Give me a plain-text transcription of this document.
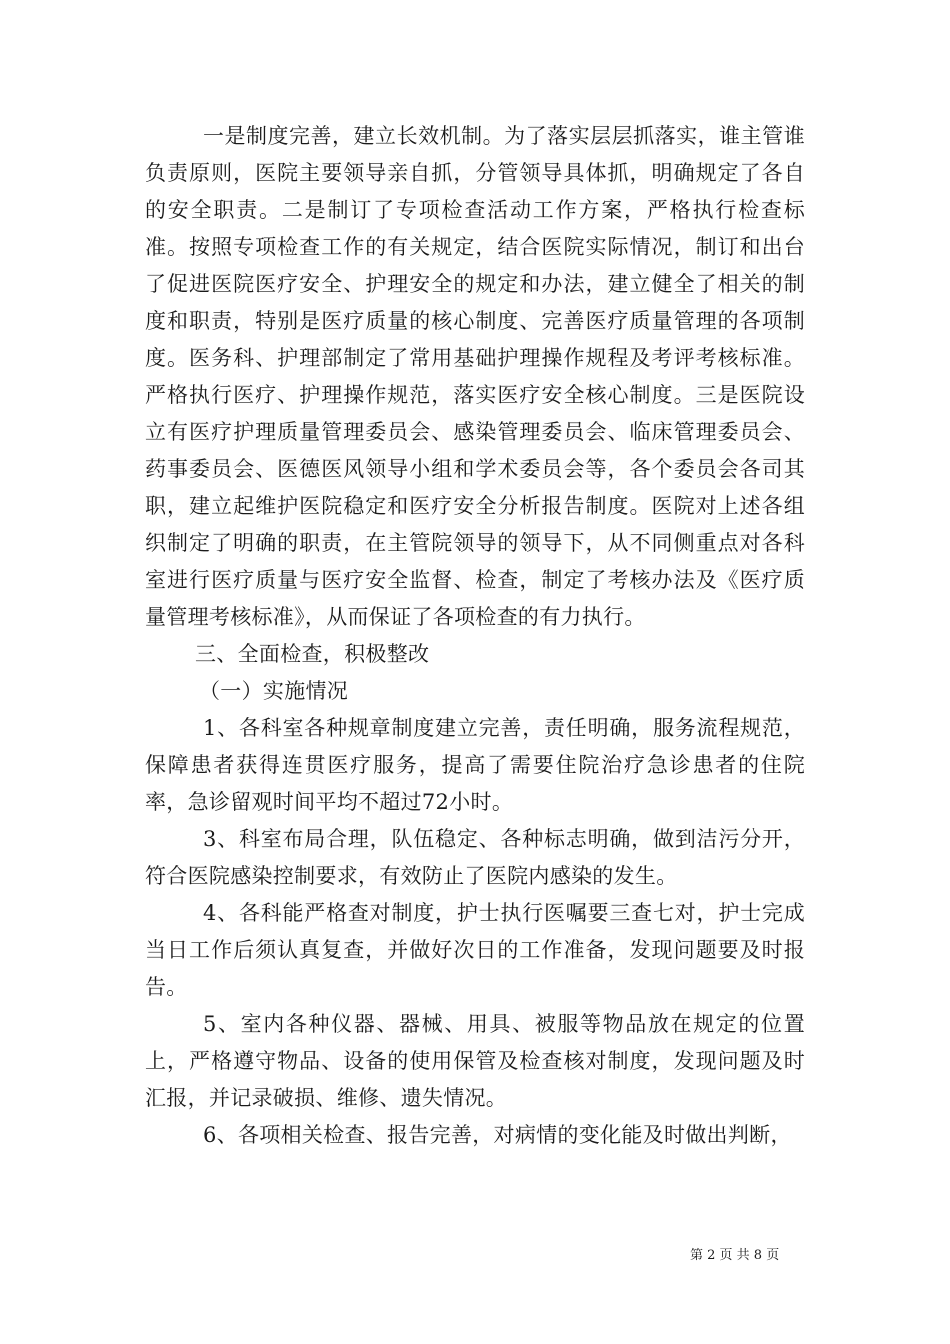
一是制度完善，建立长效机制。为了落实层层抓落实，谁主管谁负责原则，医院主要领导亲自抓，分管领导具体抓，明确规定了各自的安全职责。二是制订了专项检查活动工作方案，严格执行检查标准。按照专项检查工作的有关规定，结合医院实际情况，制订和出台了促进医院医疗安全、护理安全的规定和办法，建立健全了相关的制度和职责，特别是医疗质量的核心制度、完善医疗质量管理的各项制度。医务科、护理部制定了常用基础护理操作规程及考评考核标准。严格执行医疗、护理操作规范，落实医疗安全核心制度。三是医院设立有医疗护理质量管理委员会、感染管理委员会、临床管理委员会、药事委员会、医德医风领导小组和学术委员会等，各个委员会各司其职，建立起维护医院稳定和医疗安全分析报告制度。医院对上述各组织制定了明确的职责，在主管院领导的领导下，从不同侧重点对各科室进行医疗质量与医疗安全监督、检查，制定了考核办法及《医疗质量管理考核标准》，从而保证了各项检查的有力执行。

三、全面检查，积极整改

（一）实施情况

1、各科室各种规章制度建立完善，责任明确，服务流程规范，保障患者获得连贯医疗服务，提高了需要住院治疗急诊患者的住院率，急诊留观时间平均不超过72小时。

3、科室布局合理，队伍稳定、各种标志明确，做到洁污分开，符合医院感染控制要求，有效防止了医院内感染的发生。

4、各科能严格查对制度，护士执行医嘱要三查七对，护士完成当日工作后须认真复查，并做好次日的工作准备，发现问题要及时报告。

5、室内各种仪器、器械、用具、被服等物品放在规定的位置上，严格遵守物品、设备的使用保管及检查核对制度，发现问题及时汇报，并记录破损、维修、遗失情况。

6、各项相关检查、报告完善，对病情的变化能及时做出判断，

第 2 页 共 8 页
